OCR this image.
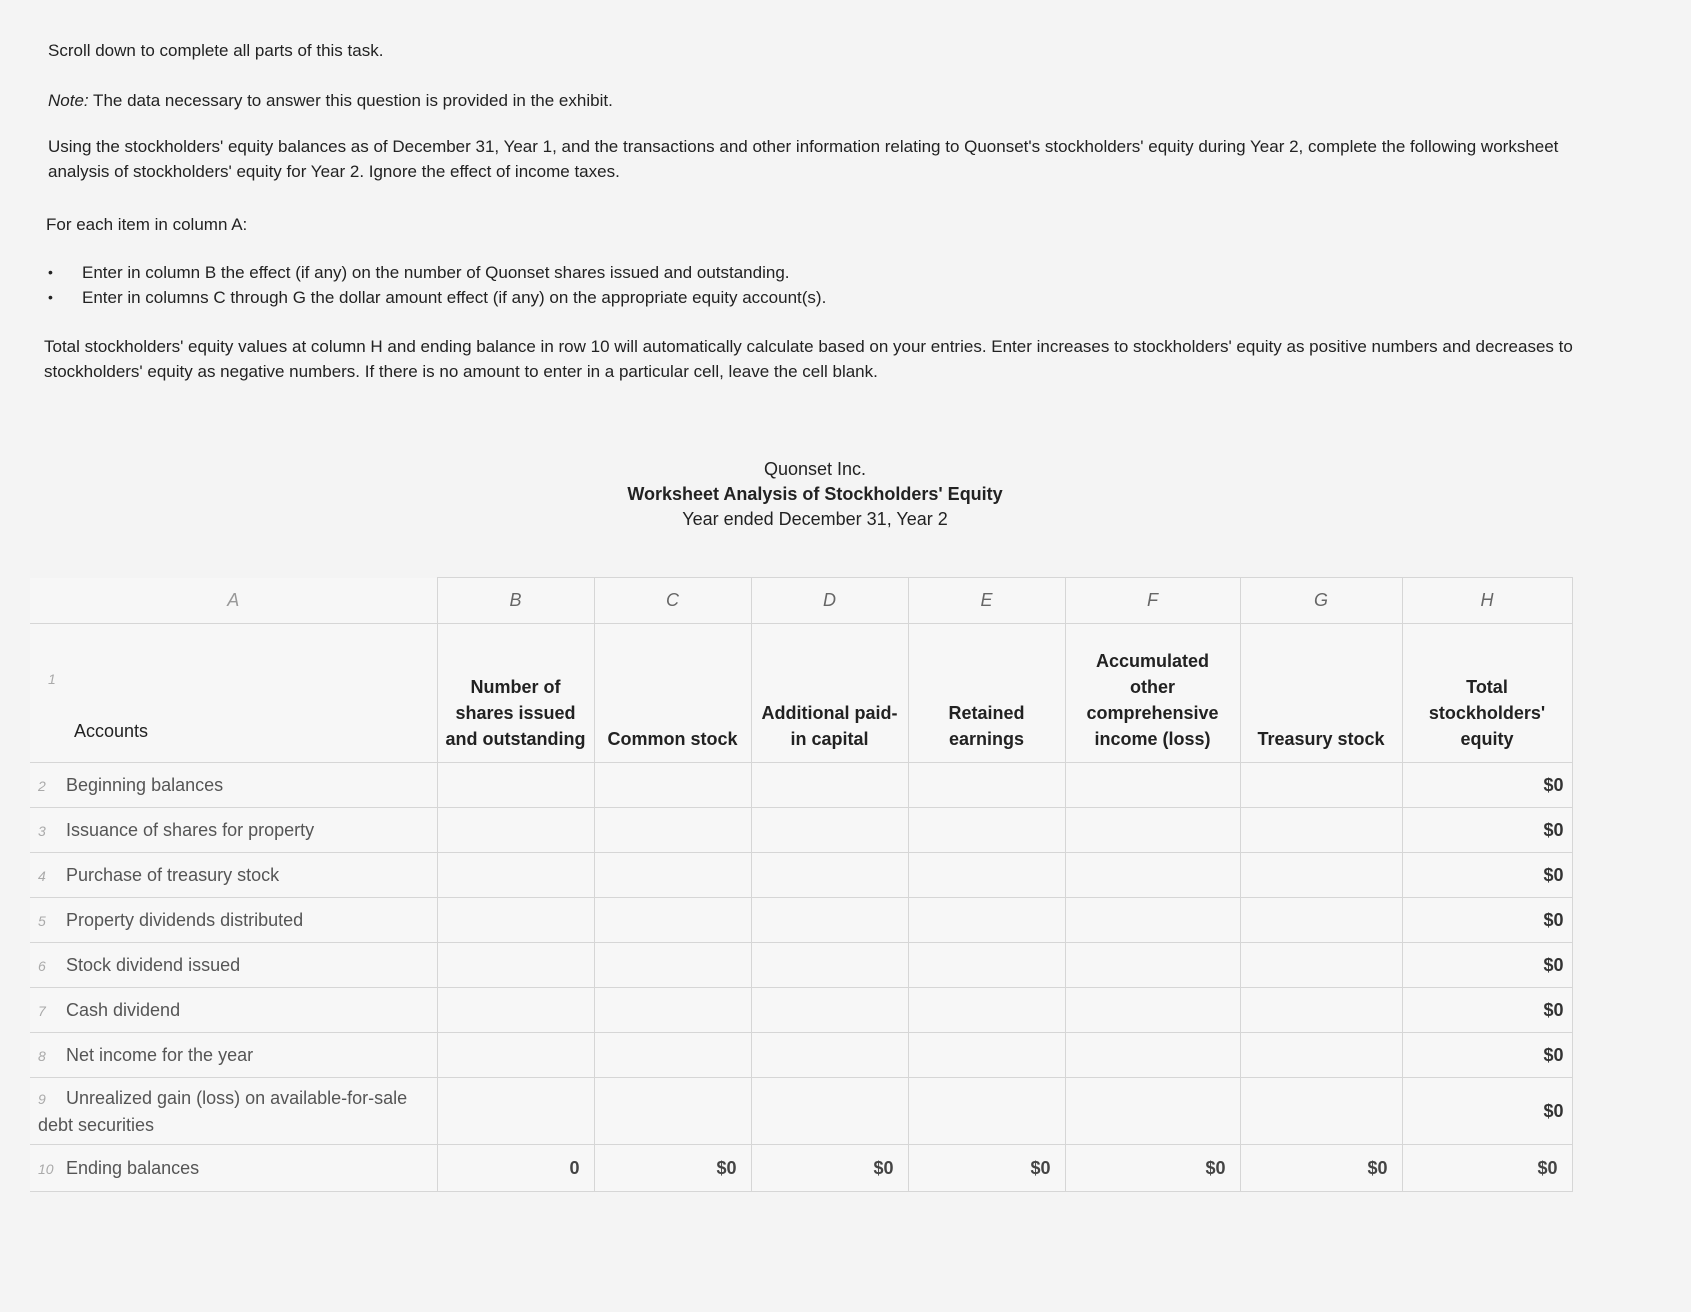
Scroll down to complete all parts of this task.

Note: The data necessary to answer this question is provided in the exhibit.

Using the stockholders' equity balances as of December 31, Year 1, and the transactions and other information relating to Quonset's stockholders' equity during Year 2, complete the following worksheet analysis of stockholders' equity for Year 2. Ignore the effect of income taxes.

For each item in column A:

• Enter in column B the effect (if any) on the number of Quonset shares issued and outstanding.
• Enter in columns C through G the dollar amount effect (if any) on the appropriate equity account(s).

Total stockholders' equity values at column H and ending balance in row 10 will automatically calculate based on your entries. Enter increases to stockholders' equity as positive numbers and decreases to stockholders' equity as negative numbers. If there is no amount to enter in a particular cell, leave the cell blank.

Quonset Inc.
Worksheet Analysis of Stockholders' Equity
Year ended December 31, Year 2
A	B	C	D	E	F	G	H

1
Accounts	Number of shares issued and outstanding	Common stock	Additional paid-in capital	Retained earnings	Accumulated other comprehensive income (loss)	Treasury stock	Total stockholders' equity
2 Beginning balances							$0
3 Issuance of shares for property							$0
4 Purchase of treasury stock							$0
5 Property dividends distributed							$0
6 Stock dividend issued							$0
7 Cash dividend							$0
8 Net income for the year							$0
9 Unrealized gain (loss) on available-for-sale debt securities							$0
10 Ending balances	0	$0	$0	$0	$0	$0	$0
